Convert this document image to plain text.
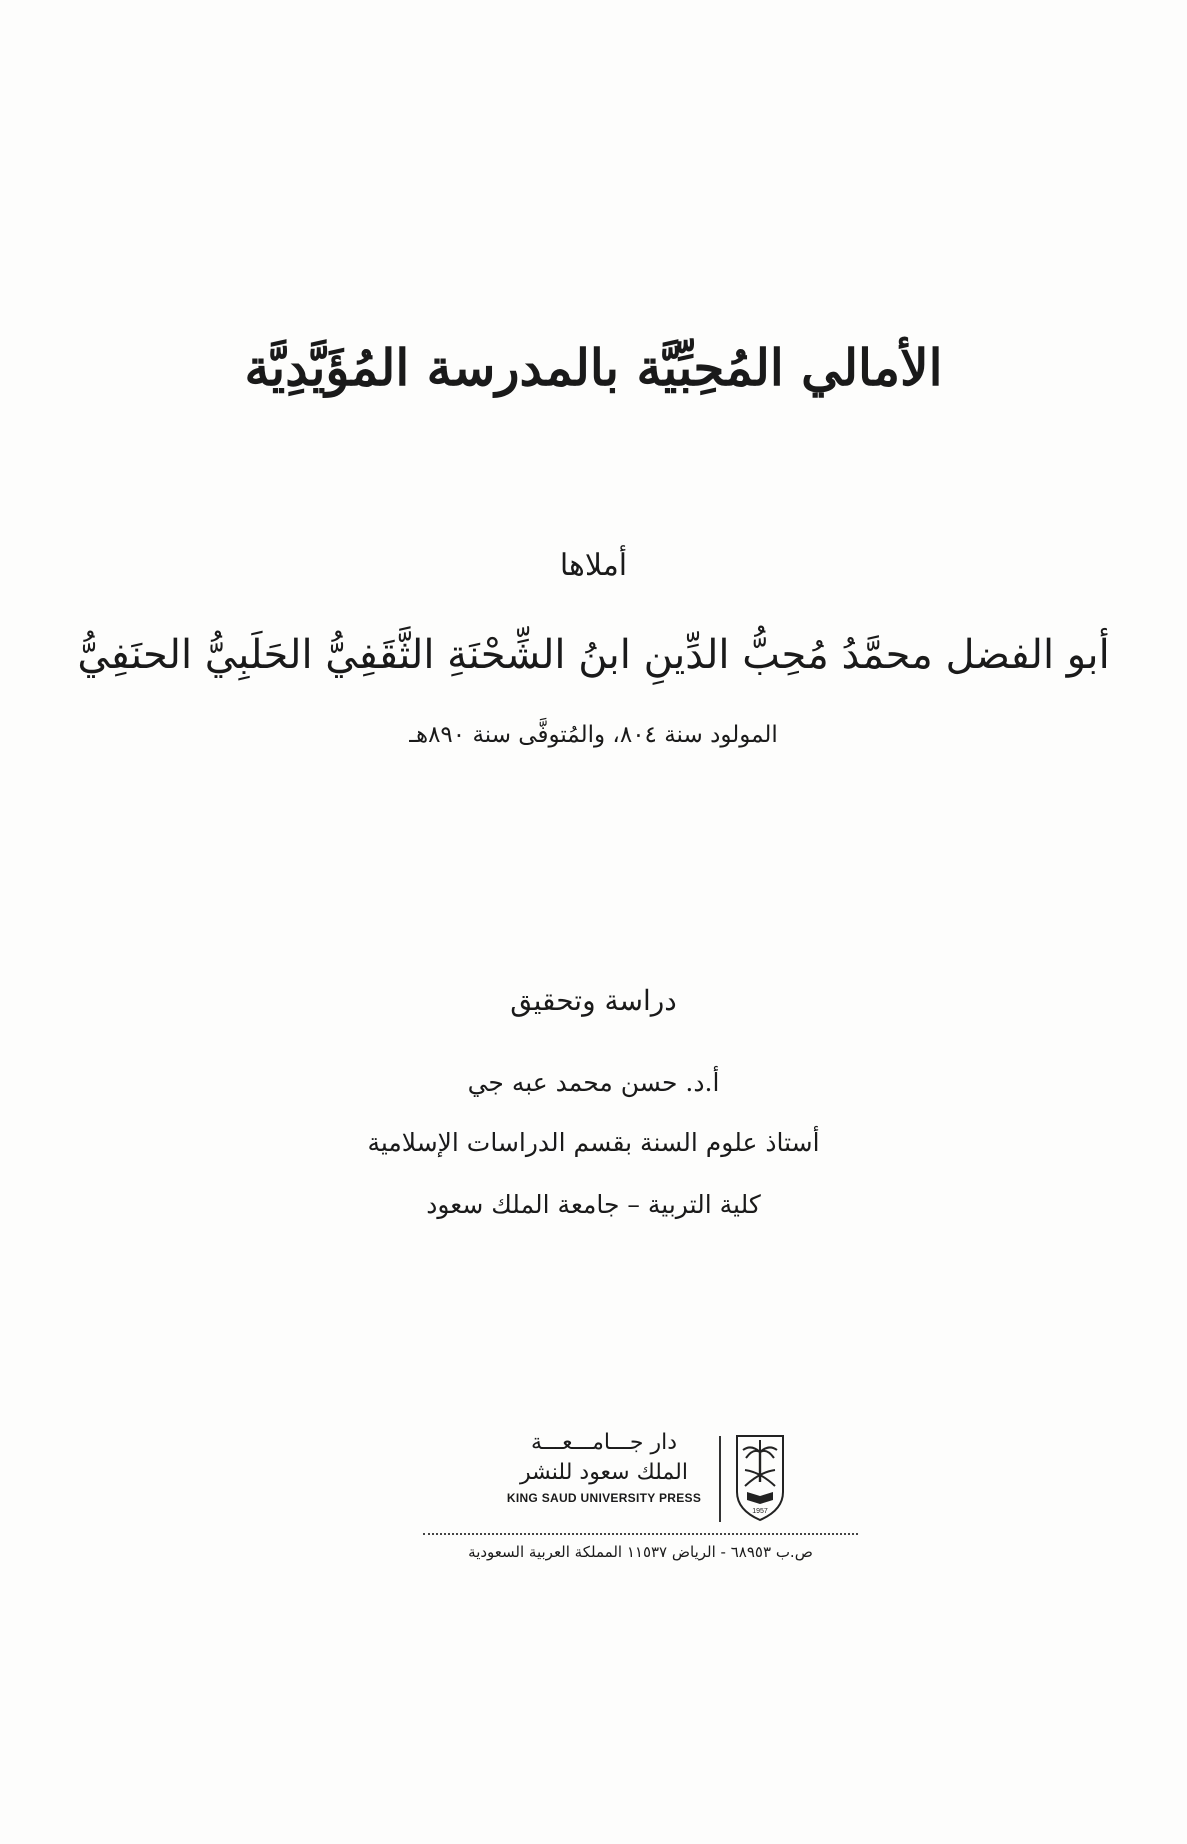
الأمالي المُحِبِّيَّة بالمدرسة المُؤَيَّدِيَّة
أملاها
أبو الفضل محمَّدُ مُحِبُّ الدِّينِ ابنُ الشِّحْنَةِ الثَّقَفِيُّ الحَلَبِيُّ الحنَفِيُّ
المولود سنة ٨٠٤، والمُتوفَّى سنة ٨٩٠هـ
دراسة وتحقيق
أ.د. حسن محمد عبه جي
أستاذ علوم السنة بقسم الدراسات الإسلامية
كلية التربية – جامعة الملك سعود
دار جـــامـــعـــة
الملك سعود للنشر
KING SAUD UNIVERSITY PRESS
1957
ص.ب ٦٨٩٥٣ - الرياض ١١٥٣٧ المملكة العربية السعودية
